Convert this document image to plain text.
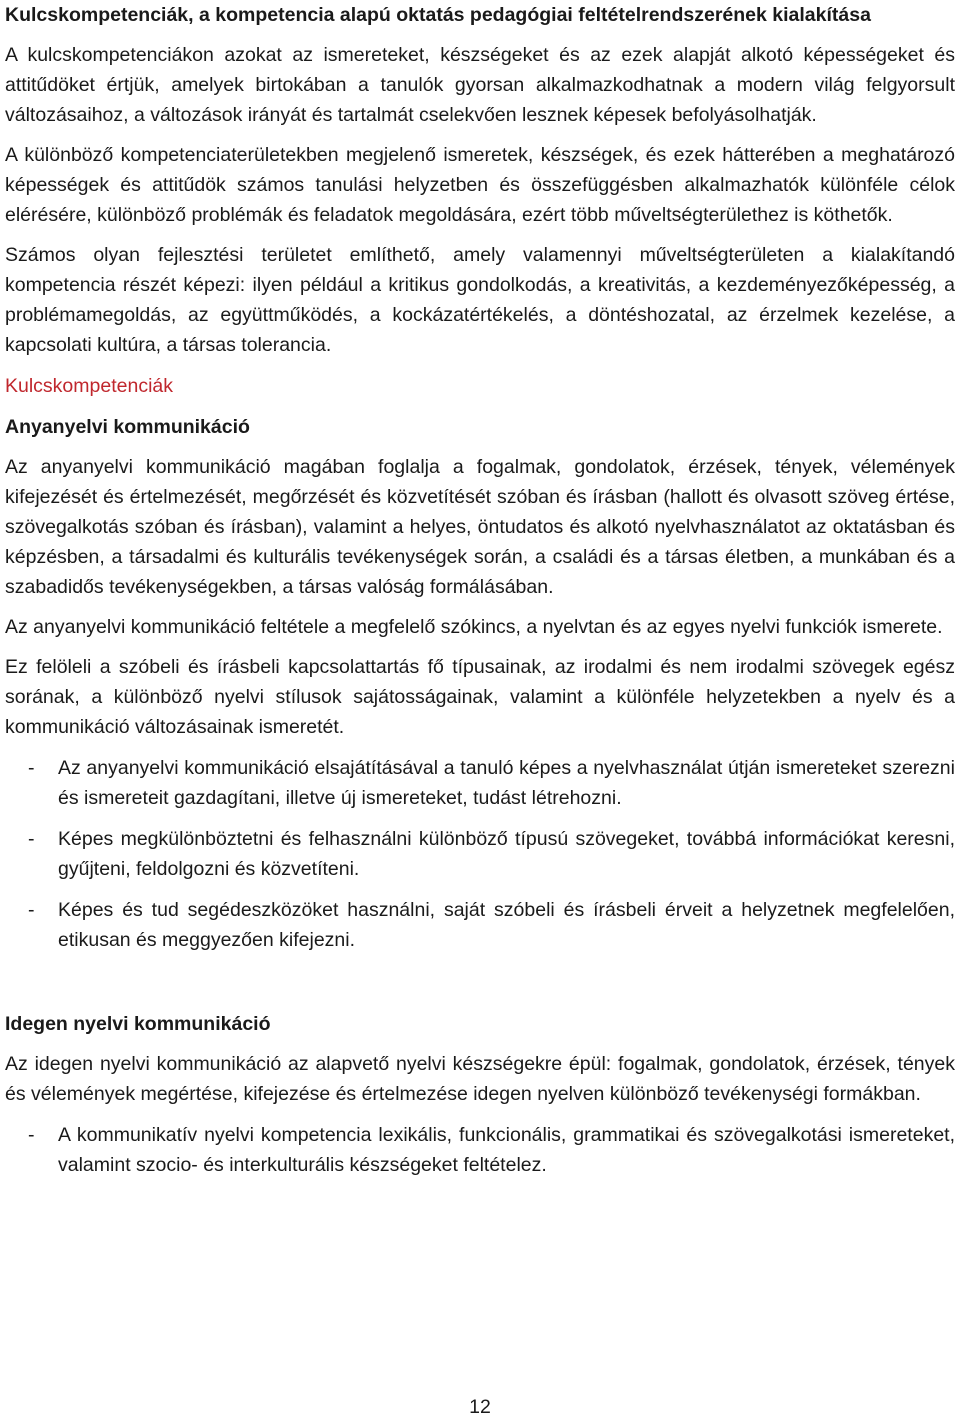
Kulcskompetenciák, a kompetencia alapú oktatás pedagógiai feltételrendszerének kialakítása

A kulcskompetenciákon azokat az ismereteket, készségeket és az ezek alapját alkotó képességeket és attitűdöket értjük, amelyek birtokában a tanulók gyorsan alkalmazkodhatnak a modern világ felgyorsult változásaihoz, a változások irányát és tartalmát cselekvően lesznek képesek befolyásolhatják.

A különböző kompetenciaterületekben megjelenő ismeretek, készségek, és ezek hátterében a meghatározó képességek és attitűdök számos tanulási helyzetben és összefüggésben alkalmazhatók különféle célok elérésére, különböző problémák és feladatok megoldására, ezért több műveltségterülethez is köthetők.

Számos olyan fejlesztési területet említhető, amely valamennyi műveltségterületen a kialakítandó kompetencia részét képezi: ilyen például a kritikus gondolkodás, a kreativitás, a kezdeményezőképesség, a problémamegoldás, az együttműködés, a kockázatértékelés, a döntéshozatal, az érzelmek kezelése, a kapcsolati kultúra, a társas tolerancia.

Kulcskompetenciák
Anyanyelvi kommunikáció

Az anyanyelvi kommunikáció magában foglalja a fogalmak, gondolatok, érzések, tények, vélemények kifejezését és értelmezését, megőrzését és közvetítését szóban és írásban (hallott és olvasott szöveg értése, szövegalkotás szóban és írásban), valamint a helyes, öntudatos és alkotó nyelvhasználatot az oktatásban és képzésben, a társadalmi és kulturális tevékenységek során, a családi és a társas életben, a munkában és a szabadidős tevékenységekben, a társas valóság formálásában.

Az anyanyelvi kommunikáció feltétele a megfelelő szókincs, a nyelvtan és az egyes nyelvi funkciók ismerete.

Ez felöleli a szóbeli és írásbeli kapcsolattartás fő típusainak, az irodalmi és nem irodalmi szövegek egész sorának, a különböző nyelvi stílusok sajátosságainak, valamint a különféle helyzetekben a nyelv és a kommunikáció változásainak ismeretét.

- Az anyanyelvi kommunikáció elsajátításával a tanuló képes a nyelvhasználat útján ismereteket szerezni és ismereteit gazdagítani, illetve új ismereteket, tudást létrehozni.
- Képes megkülönböztetni és felhasználni különböző típusú szövegeket, továbbá információkat keresni, gyűjteni, feldolgozni és közvetíteni.
- Képes és tud segédeszközöket használni, saját szóbeli és írásbeli érveit a helyzetnek megfelelően, etikusan és meggyezően kifejezni.
Idegen nyelvi kommunikáció

Az idegen nyelvi kommunikáció az alapvető nyelvi készségekre épül: fogalmak, gondolatok, érzések, tények és vélemények megértése, kifejezése és értelmezése idegen nyelven különböző tevékenységi formákban.

- A kommunikatív nyelvi kompetencia lexikális, funkcionális, grammatikai és szövegalkotási ismereteket, valamint szocio- és interkulturális készségeket feltételez.
12
